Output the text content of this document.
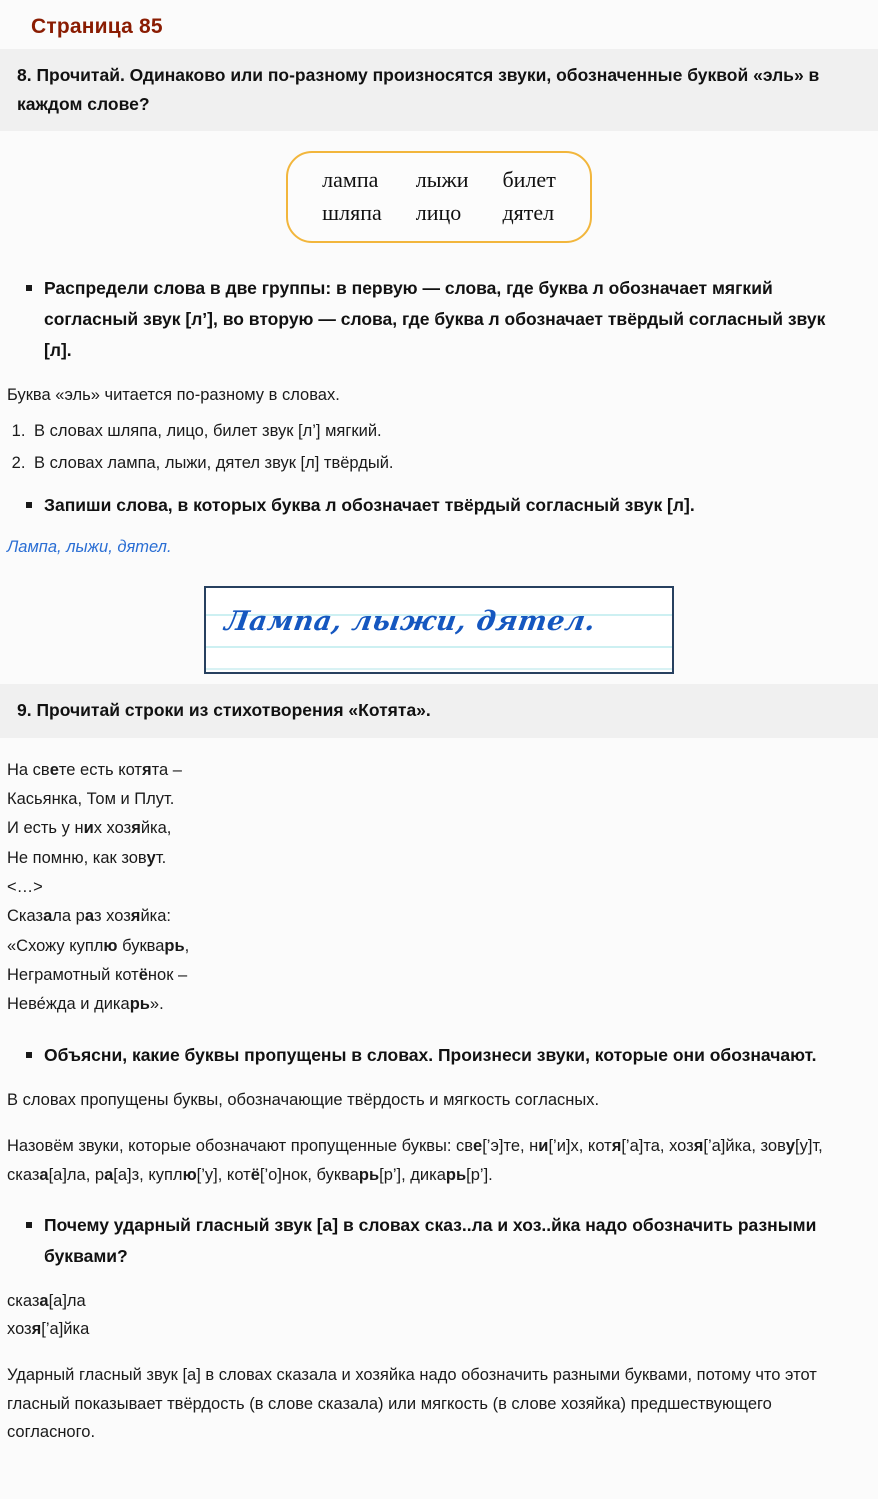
Страница 85
8. Прочитай. Одинаково или по-разному произносятся звуки, обозначенные буквой «эль» в каждом слове?
лампа	лыжи	билет
шляпа	лицо	дятел
Распредели слова в две группы: в первую — слова, где буква л обозначает мягкий согласный звук [л’], во вторую — слова, где буква л обозначает твёрдый согласный звук [л].

Буква «эль» читается по-разному в словах.

1. В словах шляпа, лицо, билет звук [л’] мягкий.
2. В словах лампа, лыжи, дятел звук [л] твёрдый.
Запиши слова, в которых буква л обозначает твёрдый согласный звук [л].

Лампа, лыжи, дятел.

Лампа, лыжи, дятел.
9. Прочитай строки из стихотворения «Котята».
На свете есть котята –
Касьянка, Том и Плут.
И есть у них хозяйка,
Не помню, как зовут.
<…>
Сказала раз хозяйка:
«Схожу куплю букварь,
Неграмотный котёнок –
Неве́жда и дикарь».
Объясни, какие буквы пропущены в словах. Произнеси звуки, которые они обозначают.

В словах пропущены буквы, обозначающие твёрдость и мягкость согласных.

Назовём звуки, которые обозначают пропущенные буквы: све[’э]те, ни[’и]х, котя[’а]та, хозя[’а]йка, зову[у]т, сказа[а]ла, ра[а]з, куплю[’у], котё[’о]нок, букварь[р’], дикарь[р’].
Почему ударный гласный звук [а] в словах сказ..ла и хоз..йка надо обозначить разными буквами?
сказа[а]ла
хозя[’а]йка
Ударный гласный звук [а] в словах сказала и хозяйка надо обозначить разными буквами, потому что этот гласный показывает твёрдость (в слове сказала) или мягкость (в слове хозяйка) предшествующего согласного.
